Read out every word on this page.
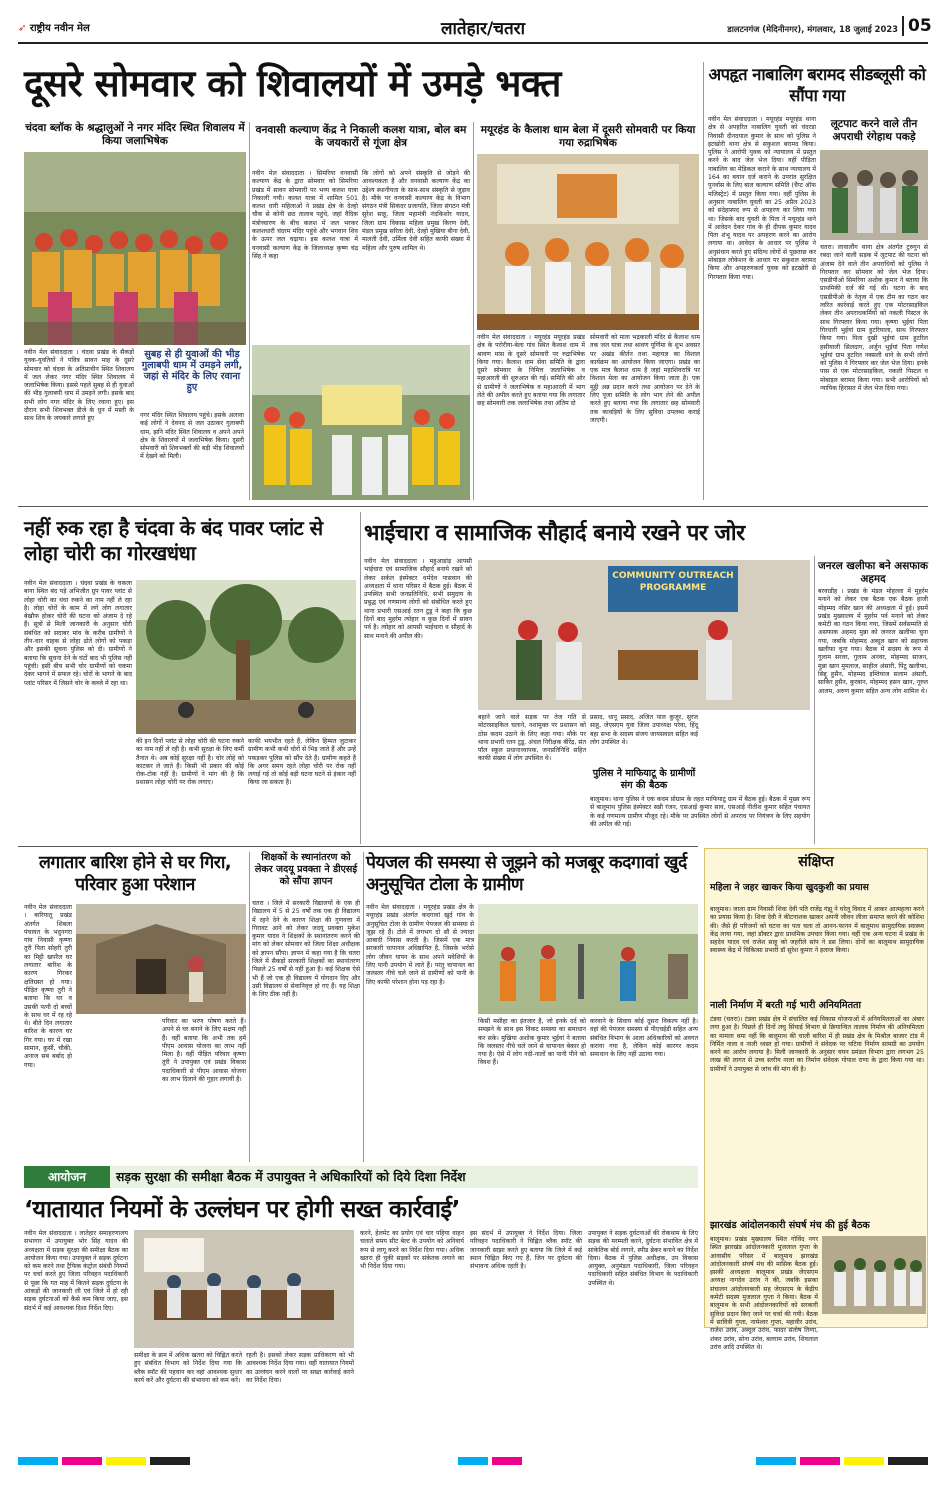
➶ राष्ट्रीय नवीन मेल	लातेहार/चतरा	डालटनगंज (मेदिनीनगर), मंगलवार, 18 जुलाई 2023 05
दूसरे सोमवार को शिवालयों में उमड़े भक्त
चंदवा ब्लॉक के श्रद्धालुओं ने नगर मंदिर स्थित शिवालय में किया जलाभिषेक
नवीन मेल संवाददाता । चंदवा प्रखंड के सैकड़ों युवक-युवतियों ने पवित्र सावन माह के दूसरे सोमवार को चंदवा के अतिप्राचीन स्थित शिवालय में जल लेकर नगर मंदिर स्थित शिवालय में जलाभिषेक किया। इससे पहले सुबह से ही युवाओं की भीड़ गुलाबपी धाम में उमड़ने लगी। इसके बाद सभी लोग नगर मंदिर के लिए रवाना हुए। इस दौरान सभी शिवभक्त डीजे के धुन में मस्ती के साथ शिव के जयकारे लगाते हुए
सुबह से ही युवाओं की भीड़ गुलाबपी धाम में उमड़ने लगी, जहां से मंदिर के लिए रवाना हुए
नगर मंदिर स्थित शिवालय पहुंचे। इसके अलावा कई लोगों ने देवनद से जल उठाकर गुलाबपी धाम, झनि मंदिर स्थित शिवालय व अपने अपने क्षेत्र के शिवालयों में जलाभिषेक किया। दूसरी सोमवारी को शिवभक्तों की बड़ी भीड़ शिवालयों में देखने को मिली।
वनवासी कल्याण केंद्र ने निकाली कलश यात्रा, बोल बम के जयकारों से गूंजा क्षेत्र
नवीन मेल संवाददाता । सिमरिया वनवासी कल्याण केंद्र के द्वारा सोमवार को सिमरिया प्रखंड में सावन सोमवारी पर भव्य कलश यात्रा निकाली गयी। कलश यात्रा में शामिल 501 कलश धारी महिलाओं ने प्रखंड क्षेत्र के देल्हो चौक से कोनी छठ तालाब पहुंचे, जहां वैदिक मंत्रोच्चारण के बीच कलश में जल भरकर कलशधारी चंदरम मंदिर पहुंचे और भगवान शिव के ऊपर जल चढ़ाया। इस कलश यात्रा में वनवासी कल्याण केंद्र के जिलाध्यक्ष कृष्ण चंद्र सिंह ने कहा
कि लोगों को अपने संस्कृति से जोड़ने की आवश्यकता है और वनवासी कल्याण केंद्र का उद्देश्य स्थानीयता के साथ-साथ संस्कृति से जुड़ाव है। मौके पर वनवासी कल्याण केंद्र के विभाग संगठन मंत्री सिकंदर प्रजापति, जिला संगठन मंत्री सुरेश साहू, जिला महामंत्री नंदकिशोर यादव, जिला ग्राम विकास महिला प्रमुख किरण देवी, मंडल प्रमुख सरिता देवी, देल्हो मुखिया बीना देवी, मालती देवी, उर्मिला देवी सहित काफी संख्या में महिला और पुरुष शामिल थे।
मयूरहंड के कैलाश धाम बेला में दूसरी सोमवारी पर किया गया रुद्राभिषेक
नवीन मेल संवाददाता । मयूरहंड मयूरहंड प्रखंड क्षेत्र के परोरीया-बेला गांव स्थित कैलाश धाम में श्रावण मास के दूसरे सोमवारी पर रुद्राभिषेक किया गया। कैलाश धाम सेवा समिति के द्वारा दूसरे सोमवार के निमित्त जलाभिषेक व महाआरती की शुरुआत की गई। समिति की ओर से ग्रामीणों ने जलाभिषेक व महाआरती में भाग लेते की अपील करते हुए बताया गया कि लगातार छह सोमवारी तक जलाभिषेक तथा अंतिम दो
सोमवारी को माता भद्रकाली मंदिर से कैलाश धाम तक जल यात्रा तथा श्रावण पूर्णिमा के शुभ अवसर पर अखंड कीर्तन तथा महायज्ञ का विशाल कार्यक्रम का आयोजन किया जाएगा। प्रखंड का एक मात्र कैलाश धाम है जहां महाशिवरात्रि पर विशाल मेला का आयोजन किया जाता है। एक मुट्ठी अन्न प्रदान करने तथा आयोजन पर देने के लिए पूजा समिति के लोग भाग लेने की अपील करते हुए बताया गया कि लगातार छह सोमवारी तक कावड़ियों के लिए सुविधा उपलब्ध कराई जाएगी।
अपहृत नाबालिग बरामद सीडब्लूसी को सौंपा गया
नवीन मेल संवाददाता । मयूरहंड मयूरहंड थाना क्षेत्र से अपहरित नाबालिग युवती को चंदरडा निवासी दीनदयाल कुमार के साथ को पुलिस ने इटखोरी थाना क्षेत्र से सकुशल बरामद किया। पुलिस ने आरोपी युवक को न्यायालय में प्रस्तुत करने के बाद जेल भेज दिया। वहीं पीड़िता नाबालिग का मेडिकल कराने के साथ न्यायालय में 164 का बयान दर्ज कराने के उपरांत सुरक्षित पुनर्वास के लिए बाल कल्याण समिति (चैप्ट ऑफ मजिस्ट्रेट) में प्रस्तुत किया गया। वहीं पुलिस के अनुसार नाबालिग युवती का 25 अप्रैल 2023 को संदेहास्पद रूप से अपहरण कर लिया गया था। जिसके बाद युवती के पिता ने मयूरहंड थाने में आवेदन देकर गांव के ही दीपक कुमार यादव पिता शंभू यादव पर अपहरण करने का आरोप लगाया था। आवेदन के आधार पर पुलिस ने अनुसंधान करते हुए संदिग्ध लोगों से पूछताछ कर मोबाइल लोकेशन के आधार पर सकुशल बरामद किया और अपहरणकर्ता युवक को इटखोरी से गिरफ्तार किया गया।
लूटपाट करने वाले तीन अपराधी रंगेहाथ पकड़े
चतरा। लावालौंग थाना क्षेत्र अंतर्गत टुरुगुन से रबदा जाने वाली सड़क में लूटपाट की घटना को अंजाम देने वाले तीन अपराधियों को पुलिस ने गिरफ्तार कर सोमवार को जेल भेज दिया। एसडीपीओ सिमरिया अशोक कुमार ने बताया कि प्राथमिकी दर्ज की गई थी। घटना के बाद एसडीपीओ के नेतृत्व में एक टीम का गठन कर त्वरित कार्रवाई करते हुए एक मोटरसाइकिल लेकर तीन अपराधकर्मियों को नकली पिस्टल के साथ गिरफ्तार किया गया। कृष्णा भुईयां पिता गिरधारी भुईयां ग्राम हुटरियाला, साथ गिरफ्तार किया गया। पिता दुखी भुईयां ग्राम हुटरिल हसीयाली सिलदाग, अर्जुन भुईयां पिता गणेश भुईयां ग्राम हुटरिल नक्सली थाने के सभी लोगों को पुलिस ने गिरफ्तार कर जेल भेज दिया। इनके पास से एक मोटरसाइकिल, नकली पिस्टल व मोबाइल बरामद किया गया। सभी आरोपियों को न्यायिक हिरासत में जेल भेज दिया गया।
नहीं रुक रहा है चंदवा के बंद पावर प्लांट से लोहा चोरी का गोरखधंधा
नवीन मेल संवाददाता । चंदवा प्रखंड के चकला बाना स्थित बंद पड़े अभिजीत ग्रुप पावर प्लांट से लोहा चोरी का धंधा रुकने का नाम नहीं ले रहा है। लोहा चोरों के काम में लगे लोग लगातार बेखौफ होकर चोरी की घटना को अंजाम दे रहे हैं। सूत्रों से मिली जानकारी के अनुसार चोरी संबंधित को सदाबर मांव के करीब ग्रामीणों ने तीन-चार वाहक से लोहा ढोते लोगों को पकड़ा और इसकी सूचना पुलिस को दी। ग्रामीणों ने बताया कि सूचना देने के घंटों बाद भी पुलिस नहीं पहुंची। इसी बीच सभी चोर ग्रामीणों को चकमा देकर भागने में सफल रहे। चोरों के भागने के बाद प्लांट परिसर में जिसने चोर के कब्जे में रहा था।
की इन दिनों प्लांट से लोहा चोरी की घटना रुकने का नाम नहीं ले रही है। कभी सुरक्षा के लिए कर्मी तैनात थे। अब कोई सुरक्षा नहीं है। चोर लोहे को काटकर ले जाते हैं। किसी भी प्रकार की कोई रोक-टोक नहीं है। ग्रामीणों ने मांग की है कि प्रशासन लोहा चोरी पर रोक लगाए।
काफी भयभीत रहते हैं, लेकिन हिम्मत जुटाकर ग्रामीण कभी कभी चोरों से भिड़ जाते हैं और उन्हें पकड़कर पुलिस को सौंप देते हैं। ग्रामीण कहते हैं कि अगर समय रहते लोहा चोरी पर रोक नहीं लगाई गई तो कोई बड़ी घटना घटने से इंकार नहीं किया जा सकता है।
भाईचारा व सामाजिक सौहार्द बनाये रखने पर जोर
नवीन मेल संवाददाता । महुआडांड़ आपसी भाईचारा एवं सामाजिक सौहार्द बनाये रखने को लेकर सर्कल इंस्पेक्टर धर्मदेव पासवान की अध्यक्षता में थाना परिसर में बैठक हुई। बैठक में उपस्थित सभी जनप्रतिनिधि, सभी समुदाय के प्रबुद्ध एवं गणमान्य लोगों को संबोधित करते हुए थाना प्रभारी एसआई रतन टुडू ने कहा कि कुछ दिनों बाद मुहर्रम त्योहार व कुछ दिनों में सावन पर्व है। त्योहार को आपसी भाईचारा व सौहार्द के साथ मनाने की अपील की।
COMMUNITY OUTREACH PROGRAMME
बहाने जाने वाले सड़क पर तेज गति से मोटरसाइकिल चलाने, नशामुक्त पर प्रशासन को ठोस कदम उठाने के लिए कहा गया। मौके पर थाना प्रभारी रतन टुडू, अंचल निरीक्षक बीरेंद्र, संत पॉल स्कूल प्रधानाध्यापक, जनप्रतिनिधि सहित काफी संख्या में लोग उपस्थित थे।
प्रसाद, धानू प्रसाद, अजित पाल कुजूर, सुरज साहू, जेएसएम युवा जिला उपाध्यक्ष परेवा, हिंदू बहा सभा के सदस्य संजय जायसवाल सहित कई लोग उपस्थित थे।
पुलिस ने माफियाटू के ग्रामीणों संग की बैठक
बालूमाथ। थाना पुलिस ने एक कदम प्रोग्राम के तहत माफियाटू ग्राम में बैठक हुई। बैठक में मुख्य रूप से बालूमाथ पुलिस इंस्पेक्टर सन्नी रंजन, एसआई कुमार साव, एसआई नीतीश कुमार सहित पंचायत के कई गणमान्य ग्रामीण मौजूद रहे। मौके पर उपस्थित लोगों से अपराध पर नियंत्रण के लिए सहयोग की अपील की गई।
जनरल खलीफा बने असफाक अहमद
बरवाडीह । प्रखंड के मंडल मोहल्ला में मुहर्रम मनाने को लेकर एक बैठक एक बैठक हाजी मोहम्मद नसिर खान की अध्यक्षता में हुई। इसमें प्रखंड मुख्यालय में मुहर्रम पर्व मनाने को लेकर कमेटी का गठन किया गया, जिसमें सर्वसम्मति से असफाक अहमद मुन्ना को जनरल खलीफा चुना गया, जबकि मोहम्मद अब्दुल खान को सहायक खलीफा चुना गया। बैठक में सदस्य के रूप में गुलाम सरवर, गुलाम अनवर, मोहम्मद साजन, मुन्ना खान मुमताज, साहील अंसारी, पिंटू खलीफा, सिद्दू हुसैन, मोहम्मद इम्तियाज सलाम अंसारी, साकिर हुसैन, कुरबान, मोहम्मद हसन खान, नूरुल आलम, अरुण कुमार सहित अन्य लोग शामिल थे।
लगातार बारिश होने से घर गिरा, परिवार हुआ परेशान
नवीन मेल संवाददाता । बारियातू प्रखंड अंतर्गत शिबला पंचायत के भदुनगरा गांव निवासी कृष्णा तुरी पिता सोहरी तुरी का मिट्टी खपरैल घर लगातार बारिश के कारण गिरकर क्षतिग्रस्त हो गया। पीड़ित कृष्णा तुरी ने बताया कि घर व उसकी पत्नी दो बच्चों के साथ घर में रह रहे थे। बीते दिन लगातार बारिश के कारण घर गिर गया। घर में रखा सामान, कुर्सी, चौकी, अनाज सब बर्बाद हो गया।
परिवार का भरण पोषण करते हैं। अपने से घर बनाने के लिए सक्षम नहीं हैं। वहीं बताया कि अभी तक हमें पीएम आवास योजना का लाभ नहीं मिला है। वहीं पीड़ित परिवार कृष्णा तुरी ने उपायुक्त एवं प्रखंड विकास पदाधिकारी से पीएम आवास योजना का लाभ दिलाने की गुहार लगायी है।
शिक्षकों के स्थानांतरण को लेकर जदयू प्रवक्ता ने डीएसई को सौंपा ज्ञापन
चतरा । जिले में सरकारी विद्यालयों के एक ही विद्यालय में 5 से 25 वर्षों तक एक ही विद्यालय में रहने देने के कारण शिक्षा की गुणवत्ता में गिरावट आने को लेकर जदयू प्रवक्ता मुकेश कुमार यादव ने शिक्षकों के स्थानांतरण करने की मांग को लेकर सोमवार को जिला शिक्षा अधीक्षक को ज्ञापन सौंपा। ज्ञापन में कहा गया है कि चतरा जिले में सैकड़ों सरकारी शिक्षकों का स्थानांतरण पिछले 25 वर्षों से नहीं हुआ है। कई शिक्षक ऐसे भी हैं जो एक ही विद्यालय में योगदान दिए और उसी विद्यालय से सेवानिवृत्त हो गए हैं। यह शिक्षा के लिए ठीक नहीं है।
पेयजल की समस्या से जूझने को मजबूर कदगावां खुर्द अनुसूचित टोला के ग्रामीण
नवीन मेल संवाददाता । मयूरहंड प्रखंड क्षेत्र के मयूरहंड प्रखंड अंतर्गत कदगावां खुर्द गांव के अनुसूचित टोला के ग्रामीण पेयजल की समस्या से जूझ रहे हैं। टोले में लगभग दो सौ से ज्यादा आबादी निवास करती है। जिसमें एक मात्र सरकारी चापानल अधिष्ठापित है, जिसके भरोसे लोग जीवन यापन के साथ अपने मवेशियों के लिए पानी उपयोग में लाते हैं। परंतु चापानल का जलस्तर नीचे चले जाने से ग्रामीणों को पानी के लिए काफी परेशान होना पड़ रहा है।
किसी मसीहा का इंतजार है, जो इनके दर्द को समझने के साथ इस विकट समस्या का समाधान कर सके। मुखिया अशोक कुमार भुईयां ने बताया कि जलस्तर नीचे चले जाने से चापानल बेकार हो गया है। ऐसे में लोग नदी-नालों का पानी पीने को विवश हैं।
करवाने के सिवाय कोई दूसरा विकल्प नहीं है। वहां की पेयजल समस्या से पीएचईडी सहित अन्य संबंधित विभाग के आला अधिकारियों को अवगत कराया गया है, लेकिन कोई कारगर कदम समाधान के लिए नहीं उठाया गया।
संक्षिप्त
महिला ने जहर खाकर किया खुदकुशी का प्रयास
बालूमाथ। जाला ग्राम निवासी शिवा देवी पति राजेंद्र गंझू ने घरेलू विवाद में आकर आत्महत्या करने का प्रयास किया है। शिवा देवी ने कीटनाशक खाकर अपनी जीवन लीला समाप्त करने की कोशिश की। जैसे ही परिजनों को घटना का पता चला तो आनन-फानन में बालूमाथ सामुदायिक स्वास्थ्य केंद्र लाया गया, जहां डॉक्टर द्वारा प्राथमिक उपचार किया गया। वहीं एक अन्य घटना में प्रखंड के सहदेव यादव एवं राजेश साहू को जहरीले सांप ने डस लिया। दोनों का बालूमाथ सामुदायिक स्वास्थ्य केंद्र में चिकित्सा प्रभारी डॉ सुरेश कुमार ने इलाज किया।
नाली निर्माण में बरती गई भारी अनियमितता
टंडवा (चतरा)। टंडवा प्रखंड क्षेत्र में संचालित कई विकास योजनाओं में अनियमितताओं का अंबार लगा हुआ है। पिछले ही दिनों लघु सिंचाई विभाग से क्रियान्वित तालाब निर्माण की अनियमितता का मामला थमा नहीं कि बालूमाथ की चाली बारिश में ही प्रखंड क्षेत्र के मिश्रौल बाजार टांड में निर्मित नाला व नाली ध्वस्त हो गया। ग्रामीणों ने संवेदक पर घटिया निर्माण सामग्री का उपयोग करने का आरोप लगाया है। मिली जानकारी के अनुसार चयन प्रमंडल विभाग द्वारा लगभग 25 लाख की लागत से उच्च स्तरीय नाला का निर्माण संवेदक गोपाल राणा के द्वारा किया गया था। ग्रामीणों ने उपायुक्त से जांच की मांग की है।
झारखंड आंदोलनकारी संघर्ष मंच की हुई बैठक
बालूमाथ। प्रखंड मुख्यालय स्थित गोविंद नगर स्थित झारखंड आंदोलनकारी मुजलाल गुप्ता के आवासीय परिसर में बालूमाथ झारखंड आंदोलनकारी संघर्ष मंच की मासिक बैठक हुई। इसकी अध्यक्षता बालूमाथ प्रखंड जेएसएम अध्यक्ष नागदेव उरांव ने की, जबकि इसका संचालन आंदोलनकारी सह जेएसएम के केंद्रीय कमेटी सदस्य मुजलाल गुप्ता ने किया। बैठक में बालूमाथ के सभी आंदोलनकारियों को सरकारी सुविधा प्रदान किए जाने पर चर्चा की गयी। बैठक में सावित्री गुप्ता, नामेश्वर गुप्ता, महावीर उरांव, राजेश उरांव, अब्दुल उरांव, फादर संतोष तिग्गा, शंकर उरांव, सोना उरांव, बलराम उरांव, शिवलाल उरांव आदि उपस्थित थे।
आयोजन	सड़क सुरक्षा की समीक्षा बैठक में उपायुक्त ने अधिकारियों को दिये दिशा निर्देश
‘यातायात नियमों के उल्लंघन पर होगी सख्त कार्रवाई’
नवीन मेल संवाददाता । लातेहार समाहरणालय सभागार में उपायुक्त भोर सिंह यादव की अध्यक्षता में सड़क सुरक्षा की समीक्षा बैठक का आयोजन किया गया। उपायुक्त ने सड़क दुर्घटना को कम करने तथा ट्रैफिक कंट्रोल संबंधी नियमों पर चर्चा करते हुए जिला परिवहन पदाधिकारी से पूछा कि गत माह में कितने सड़क दुर्घटना के आंकड़ों की जानकारी ली एवं जिले में हो रही सड़क दुर्घटनाओं को कैसे कम किया जाए, इस संदर्भ में कई आवश्यक दिशा निर्देश दिए।
समीक्षा के क्रम में अधिक खतरा को चिह्नित करते हुए संबंधित विभाग को निर्देश दिया गया कि ब्लैक स्पॉट की पहचान कर वहां आवश्यक सुधार कार्य करें और दुर्घटना की संभावना को कम करें।
रहती है। इसको लेकर सड़क प्राधिकरण को भी आवश्यक निर्देश दिया गया। वहीं यातायात नियमों का उल्लंघन करने वालों पर सख्त कार्रवाई करने का निर्देश दिया।
करने, हेलमेट का प्रयोग एवं चार पहिया वाहन चलाते समय सीट बेल्ट के उपयोग को अनिवार्य रूप से लागू करने का निर्देश दिया गया। अधिक खतरा ही चुकी सड़कों पर संकेतक लगाने का भी निर्देश दिया गया।
इस संदर्भ में उपायुक्त ने निर्देश दिया। जिला परिवहन पदाधिकारी ने चिह्नित ब्लैक स्पॉट की जानकारी साझा करते हुए बताया कि जिले में कई स्थान चिह्नित किए गए हैं, जिन पर दुर्घटना की संभावना अधिक रहती है।
उपायुक्त ने सड़क दुर्घटनाओं की रोकथाम के लिए सड़क की मरम्मती करने, दुर्घटना संभावित क्षेत्र में सांकेतिक बोर्ड लगाने, स्पीड ब्रेकर बनाने का निर्देश दिया। बैठक में पुलिस अधीक्षक, उप विकास आयुक्त, अनुमंडल पदाधिकारी, जिला परिवहन पदाधिकारी सहित संबंधित विभाग के पदाधिकारी उपस्थित थे।
